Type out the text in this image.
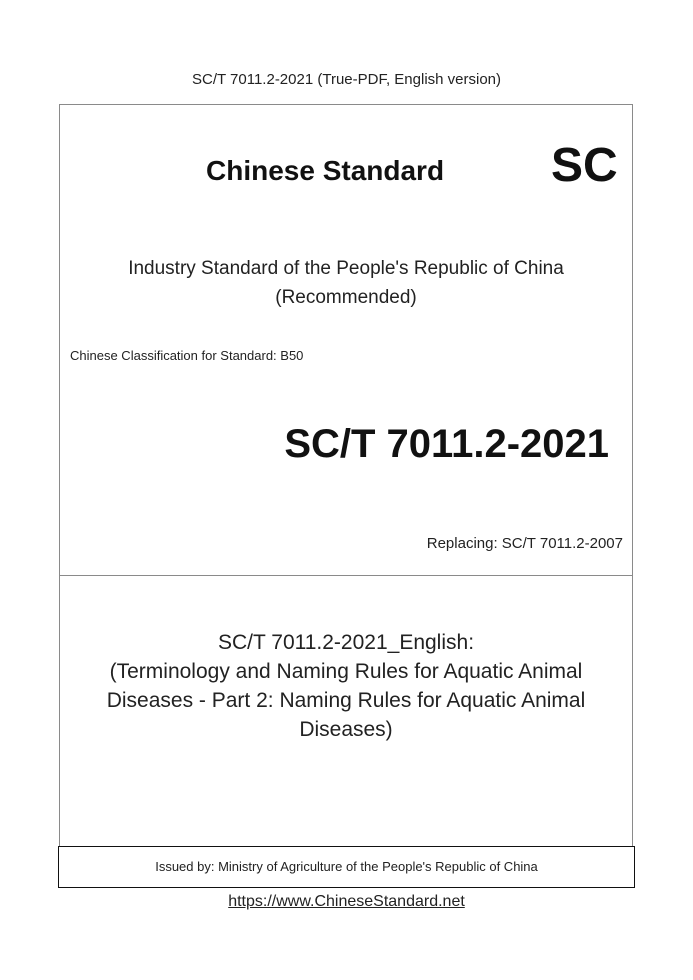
SC/T 7011.2-2021 (True-PDF, English version)
Chinese Standard SC
Industry Standard of the People's Republic of China
(Recommended)
Chinese Classification for Standard: B50
SC/T 7011.2-2021
Replacing: SC/T 7011.2-2007
SC/T 7011.2-2021_English:
(Terminology and Naming Rules for Aquatic Animal
Diseases - Part 2: Naming Rules for Aquatic Animal
Diseases)
Issued by: Ministry of Agriculture of the People's Republic of China
https://www.ChineseStandard.net
